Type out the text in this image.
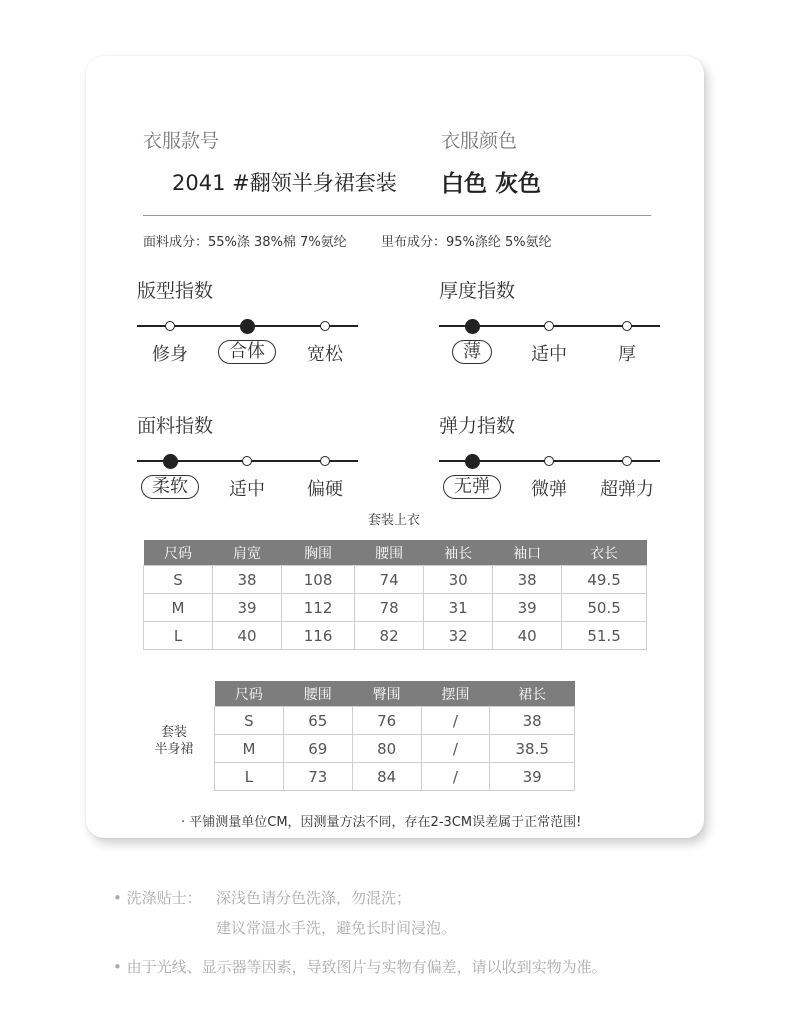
衣服款号
2041 #翻领半身裙套装
衣服颜色
白色 灰色
面料成分：55%涤 38%棉 7%氨纶	里布成分：95%涤纶 5%氨纶
版型指数
修身	合体	宽松
厚度指数
薄	适中	厚
面料指数
柔软	适中 偏硬
弹力指数
无弹	微弹 超弹力
套装上衣
尺码	肩宽	胸围	腰围	袖长	袖口	衣长
S	38	108	74	30	38	49.5
M	39	112	78	31	39	50.5
L	40	116	82	32	40	51.5
套装
半身裙
尺码	腰围	臀围	摆围	裙长
S	65	76	/	38
M	69	80	/	38.5
L	73	84	/	39
· 平铺测量单位CM，因测量方法不同，存在2-3CM误差属于正常范围!
• 洗涤贴士： 深浅色请分色洗涤，勿混洗；
建议常温水手洗，避免长时间浸泡。
• 由于光线、显示器等因素，导致图片与实物有偏差，请以收到实物为准。
